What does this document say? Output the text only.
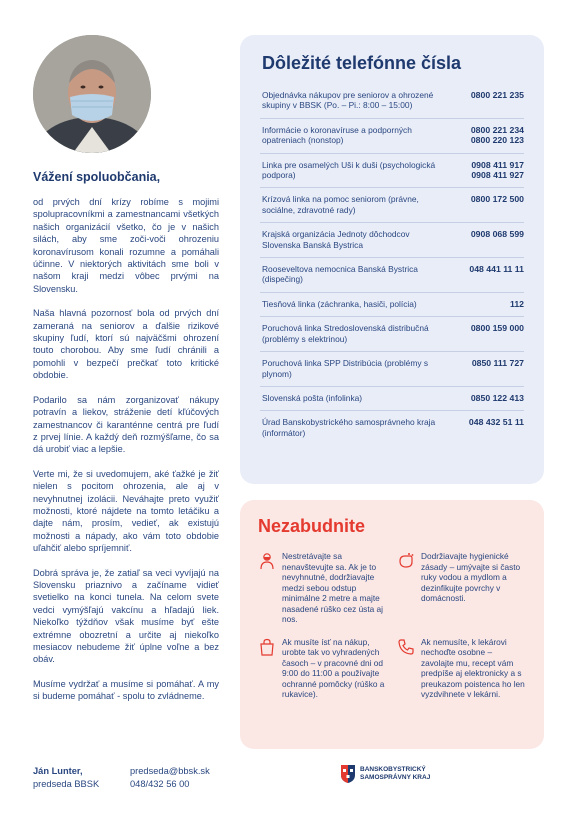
Vážení spoluobčania,

od prvých dní krízy robíme s mojimi spolupracovníkmi a zamestnancami všetkých našich organizácií všetko, čo je v našich silách, aby sme zoči-voči ohrozeniu koronavírusom konali rozumne a pomáhali účinne. V niektorých aktivitách sme boli v našom kraji medzi vôbec prvými na Slovensku.

Naša hlavná pozornosť bola od prvých dní zameraná na seniorov a ďalšie rizikové skupiny ľudí, ktorí sú najväčšmi ohrození touto chorobou. Aby sme ľudí chránili a pomohli v bezpečí prečkať toto kritické obdobie.

Podarilo sa nám zorganizovať nákupy potravín a liekov, stráženie detí kľúčových zamestnancov či karanténne centrá pre ľudí z prvej línie. A každý deň rozmýšľame, čo sa dá urobiť viac a lepšie.

Verte mi, že si uvedomujem, aké ťažké je žiť nielen s pocitom ohrozenia, ale aj v nevyhnutnej izolácii. Neváhajte preto využiť možnosti, ktoré nájdete na tomto letáčiku a dajte nám, prosím, vedieť, ak existujú možnosti a nápady, ako vám toto obdobie uľahčiť alebo spríjemniť.

Dobrá správa je, že zatiaľ sa veci vyvíjajú na Slovensku priaznivo a začíname vidieť svetielko na konci tunela. Na celom svete vedci vymýšľajú vakcínu a hľadajú liek. Niekoľko týždňov však musíme byť ešte extrémne obozretní a určite aj niekoľko mesiacov nebudeme žiť úplne voľne a bez obáv.

Musíme vydržať a musíme si pomáhať. A my si budeme pomáhať - spolu to zvládneme.

Ján Lunter,
predseda BBSK
predseda@bbsk.sk
048/432 56 00
BANSKOBYSTRICKÝ
SAMOSPRÁVNY KRAJ
Dôležité telefónne čísla
Objednávka nákupov pre seniorov a ohrozené skupiny v BBSK (Po. – Pi.: 8:00 – 15:00)
0800 221 235
Informácie o koronavíruse a podporných opatreniach (nonstop)
0800 221 234
0800 220 123
Linka pre osamelých Uši k duši (psychologická podpora)
0908 411 917
0908 411 927
Krízová linka na pomoc seniorom (právne, sociálne, zdravotné rady)
0800 172 500
Krajská organizácia Jednoty dôchodcov Slovenska Banská Bystrica
0908 068 599
Rooseveltova nemocnica Banská Bystrica (dispečing)
048 441 11 11
Tiesňová linka (záchranka, hasiči, polícia)	112
Poruchová linka Stredoslovenská distribučná (problémy s elektrinou)
0800 159 000
Poruchová linka SPP Distribúcia (problémy s plynom)
0850 111 727
Slovenská pošta (infolinka)	0850 122 413
Úrad Banskobystrického samosprávneho kraja (informátor)
048 432 51 11
Nezabudnite
Nestretávajte sa nenavštevujte sa. Ak je to nevyhnutné, dodržiavajte medzi sebou odstup minimálne 2 metre a majte nasadené rúško cez ústa aj nos.
Dodržiavajte hygienické zásady – umývajte si často ruky vodou a mydlom a dezinfikujte povrchy v domácnosti.
Ak musíte ísť na nákup, urobte tak vo vyhradených časoch – v pracovné dni od 9:00 do 11:00 a používajte ochranné pomôcky (rúško a rukavice).
Ak nemusíte, k lekárovi nechoďte osobne – zavolajte mu, recept vám predpíše aj elektronicky a s preukazom poistenca ho len vyzdvihnete v lekárni.
